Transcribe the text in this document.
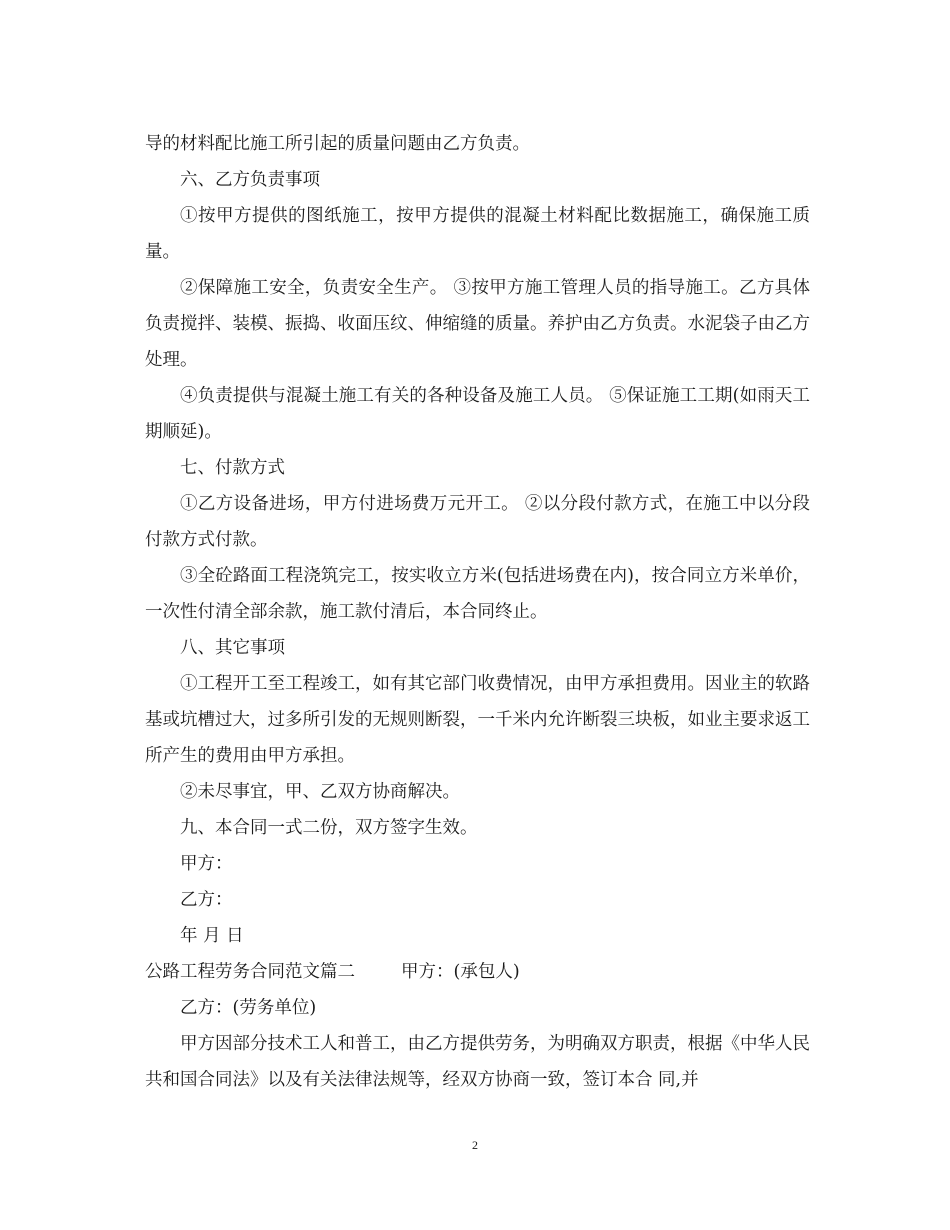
导的材料配比施工所引起的质量问题由乙方负责。

六、乙方负责事项

①按甲方提供的图纸施工，按甲方提供的混凝土材料配比数据施工，确保施工质量。

②保障施工安全，负责安全生产。 ③按甲方施工管理人员的指导施工。乙方具体负责搅拌、装模、振捣、收面压纹、伸缩缝的质量。养护由乙方负责。水泥袋子由乙方处理。

④负责提供与混凝土施工有关的各种设备及施工人员。 ⑤保证施工工期(如雨天工期顺延)。

七、付款方式

①乙方设备进场，甲方付进场费万元开工。 ②以分段付款方式，在施工中以分段付款方式付款。

③全砼路面工程浇筑完工，按实收立方米(包括进场费在内)，按合同立方米单价，一次性付清全部余款，施工款付清后，本合同终止。

八、其它事项

①工程开工至工程竣工，如有其它部门收费情况，由甲方承担费用。因业主的软路基或坑槽过大，过多所引发的无规则断裂，一千米内允许断裂三块板，如业主要求返工所产生的费用由甲方承担。

②未尽事宜，甲、乙双方协商解决。

九、本合同一式二份，双方签字生效。

甲方：

乙方：

年 月 日

公路工程劳务合同范文篇二	甲方：(承包人)

乙方：(劳务单位)

甲方因部分技术工人和普工，由乙方提供劳务，为明确双方职责，根据《中华人民共和国合同法》以及有关法律法规等，经双方协商一致，签订本合 同,并

2
